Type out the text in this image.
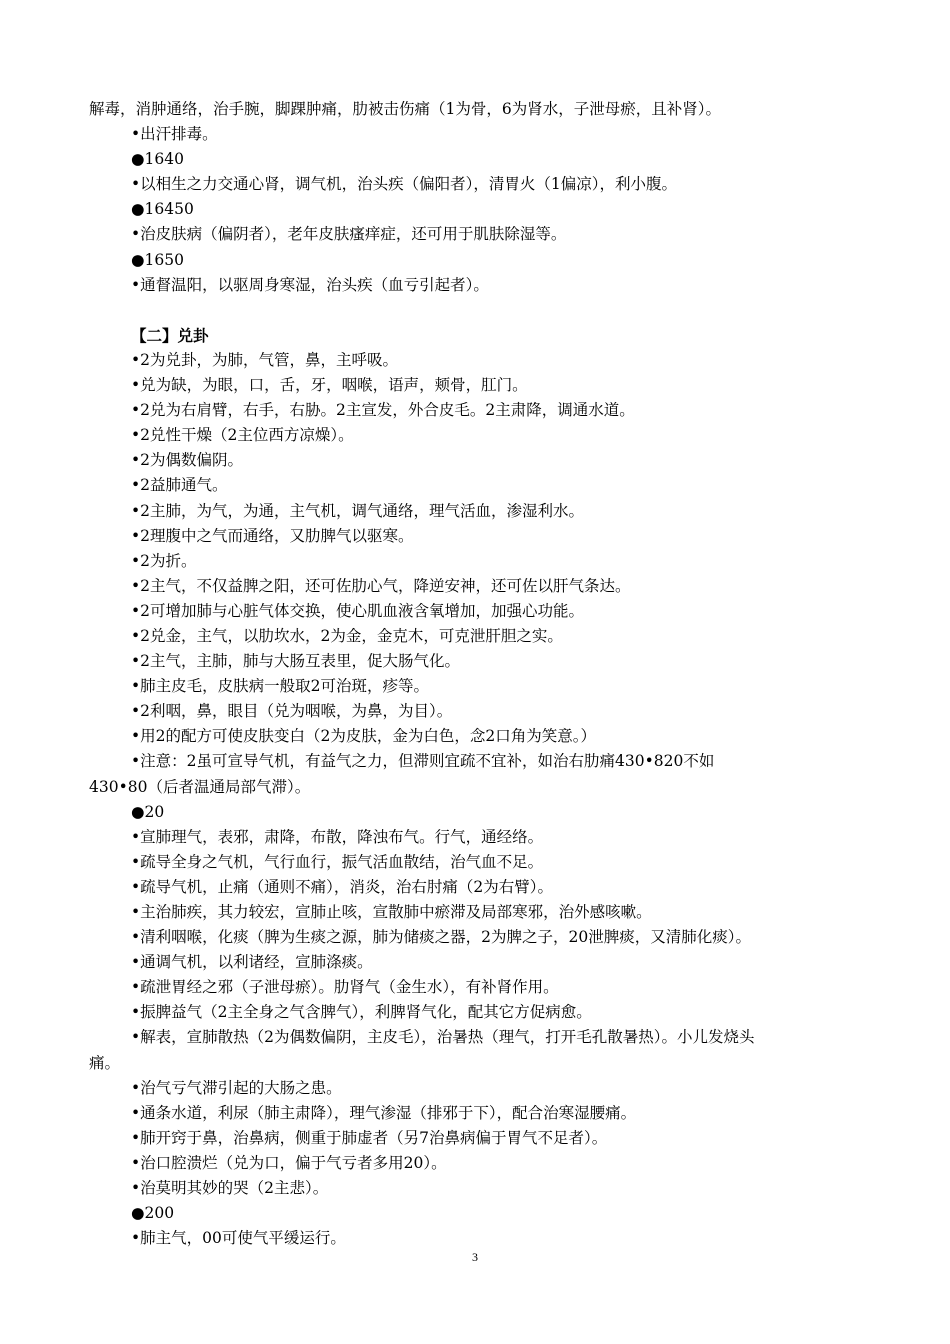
解毒，消肿通络，治手腕，脚踝肿痛，肋被击伤痛（1为骨，6为肾水，子泄母瘀，且补肾）。
•出汗排毒。
●1640
•以相生之力交通心肾，调气机，治头疾（偏阳者），清胃火（1偏凉），利小腹。
●16450
•治皮肤病（偏阴者），老年皮肤瘙痒症，还可用于肌肤除湿等。
●1650
•通督温阳，以驱周身寒湿，治头疾（血亏引起者）。
【二】兑卦
•2为兑卦，为肺，气管，鼻，主呼吸。
•兑为缺，为眼，口，舌，牙，咽喉，语声，颊骨，肛门。
•2兑为右肩臂，右手，右胁。2主宣发，外合皮毛。2主肃降，调通水道。
•2兑性干燥（2主位西方凉燥）。
•2为偶数偏阴。
•2益肺通气。
•2主肺，为气，为通，主气机，调气通络，理气活血，渗湿利水。
•2理腹中之气而通络，又肋脾气以驱寒。
•2为折。
•2主气，不仅益脾之阳，还可佐肋心气，降逆安神，还可佐以肝气条达。
•2可增加肺与心脏气体交换，使心肌血液含氧增加，加强心功能。
•2兑金，主气，以肋坎水，2为金，金克木，可克泄肝胆之实。
•2主气，主肺，肺与大肠互表里，促大肠气化。
•肺主皮毛，皮肤病一般取2可治斑，疹等。
•2利咽，鼻，眼目（兑为咽喉，为鼻，为目）。
•用2的配方可使皮肤变白（2为皮肤，金为白色，念2口角为笑意。）
•注意：2虽可宣导气机，有益气之力，但滞则宜疏不宜补，如治右肋痛430•820不如
430•80（后者温通局部气滞）。
●20
•宣肺理气，表邪，肃降，布散，降浊布气。行气，通经络。
•疏导全身之气机，气行血行，振气活血散结，治气血不足。
•疏导气机，止痛（通则不痛），消炎，治右肘痛（2为右臂）。
•主治肺疾，其力较宏，宣肺止咳，宣散肺中瘀滞及局部寒邪，治外感咳嗽。
•清利咽喉，化痰（脾为生痰之源，肺为储痰之器，2为脾之子，20泄脾痰，又清肺化痰）。
•通调气机，以利诸经，宣肺涤痰。
•疏泄胃经之邪（子泄母瘀）。肋肾气（金生水），有补肾作用。
•振脾益气（2主全身之气含脾气），利脾肾气化，配其它方促病愈。
•解表，宣肺散热（2为偶数偏阴，主皮毛），治暑热（理气，打开毛孔散暑热）。小儿发烧头
痛。
•治气亏气滞引起的大肠之患。
•通条水道，利尿（肺主肃降），理气渗湿（排邪于下），配合治寒湿腰痛。
•肺开窍于鼻，治鼻病，侧重于肺虚者（另7治鼻病偏于胃气不足者）。
•治口腔溃烂（兑为口，偏于气亏者多用20）。
•治莫明其妙的哭（2主悲）。
●200
•肺主气，00可使气平缓运行。
3
